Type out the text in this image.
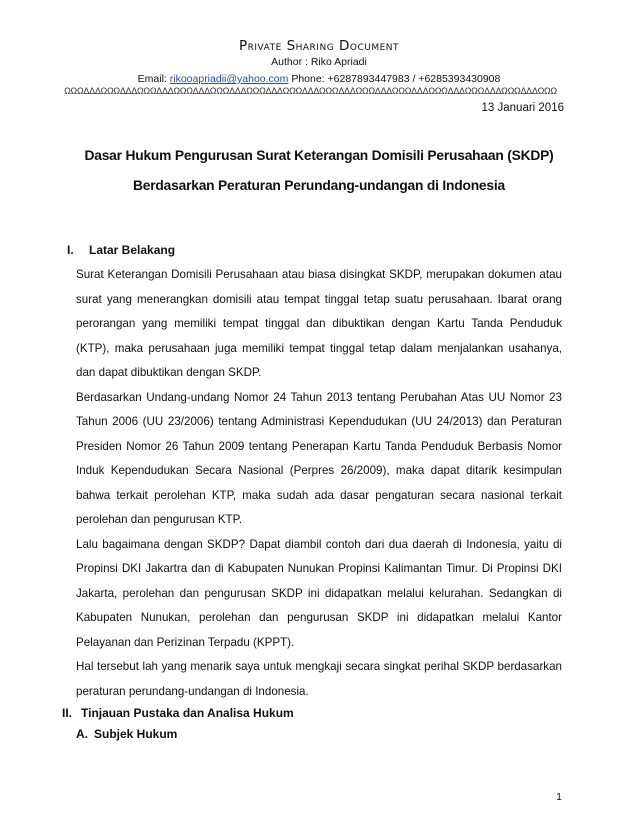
Private Sharing Document
Author : Riko Apriadi
Email: rikooapriadii@yahoo.com Phone: +6287893447983 / +6285393430908
ΩΩΩΔΔΔΩΩΩΔΔΔΩΩΩΔΔΔΩΩΩΔΔΔΩΩΩΔΔΔΩΩΩΔΔΔΩΩΩΔΔΔΩΩΩΔΔΔΩΩΩΔΔΔΩΩΩΔΔΔΩΩΩΔΔΔΩΩΩΔΔΔΩΩΩΔΔΔΩΩΩ
13 Januari 2016
Dasar Hukum Pengurusan Surat Keterangan Domisili Perusahaan (SKDP)
Berdasarkan Peraturan Perundang-undangan di Indonesia
I. Latar Belakang

Surat Keterangan Domisili Perusahaan atau biasa disingkat SKDP, merupakan dokumen atau surat yang menerangkan domisili atau tempat tinggal tetap suatu perusahaan. Ibarat orang perorangan yang memiliki tempat tinggal dan dibuktikan dengan Kartu Tanda Penduduk (KTP), maka perusahaan juga memiliki tempat tinggal tetap dalam menjalankan usahanya, dan dapat dibuktikan dengan SKDP.

Berdasarkan Undang-undang Nomor 24 Tahun 2013 tentang Perubahan Atas UU Nomor 23 Tahun 2006 (UU 23/2006) tentang Administrasi Kependudukan (UU 24/2013) dan Peraturan Presiden Nomor 26 Tahun 2009 tentang Penerapan Kartu Tanda Penduduk Berbasis Nomor Induk Kependudukan Secara Nasional (Perpres 26/2009), maka dapat ditarik kesimpulan bahwa terkait perolehan KTP, maka sudah ada dasar pengaturan secara nasional terkait perolehan dan pengurusan KTP.

Lalu bagaimana dengan SKDP? Dapat diambil contoh dari dua daerah di Indonesia, yaitu di Propinsi DKI Jakartra dan di Kabupaten Nunukan Propinsi Kalimantan Timur. Di Propinsi DKI Jakarta, perolehan dan pengurusan SKDP ini didapatkan melalui kelurahan. Sedangkan di Kabupaten Nunukan, perolehan dan pengurusan SKDP ini didapatkan melalui Kantor Pelayanan dan Perizinan Terpadu (KPPT).

Hal tersebut lah yang menarik saya untuk mengkaji secara singkat perihal SKDP berdasarkan peraturan perundang-undangan di Indonesia.

II. Tinjauan Pustaka dan Analisa Hukum
A. Subjek Hukum
1
